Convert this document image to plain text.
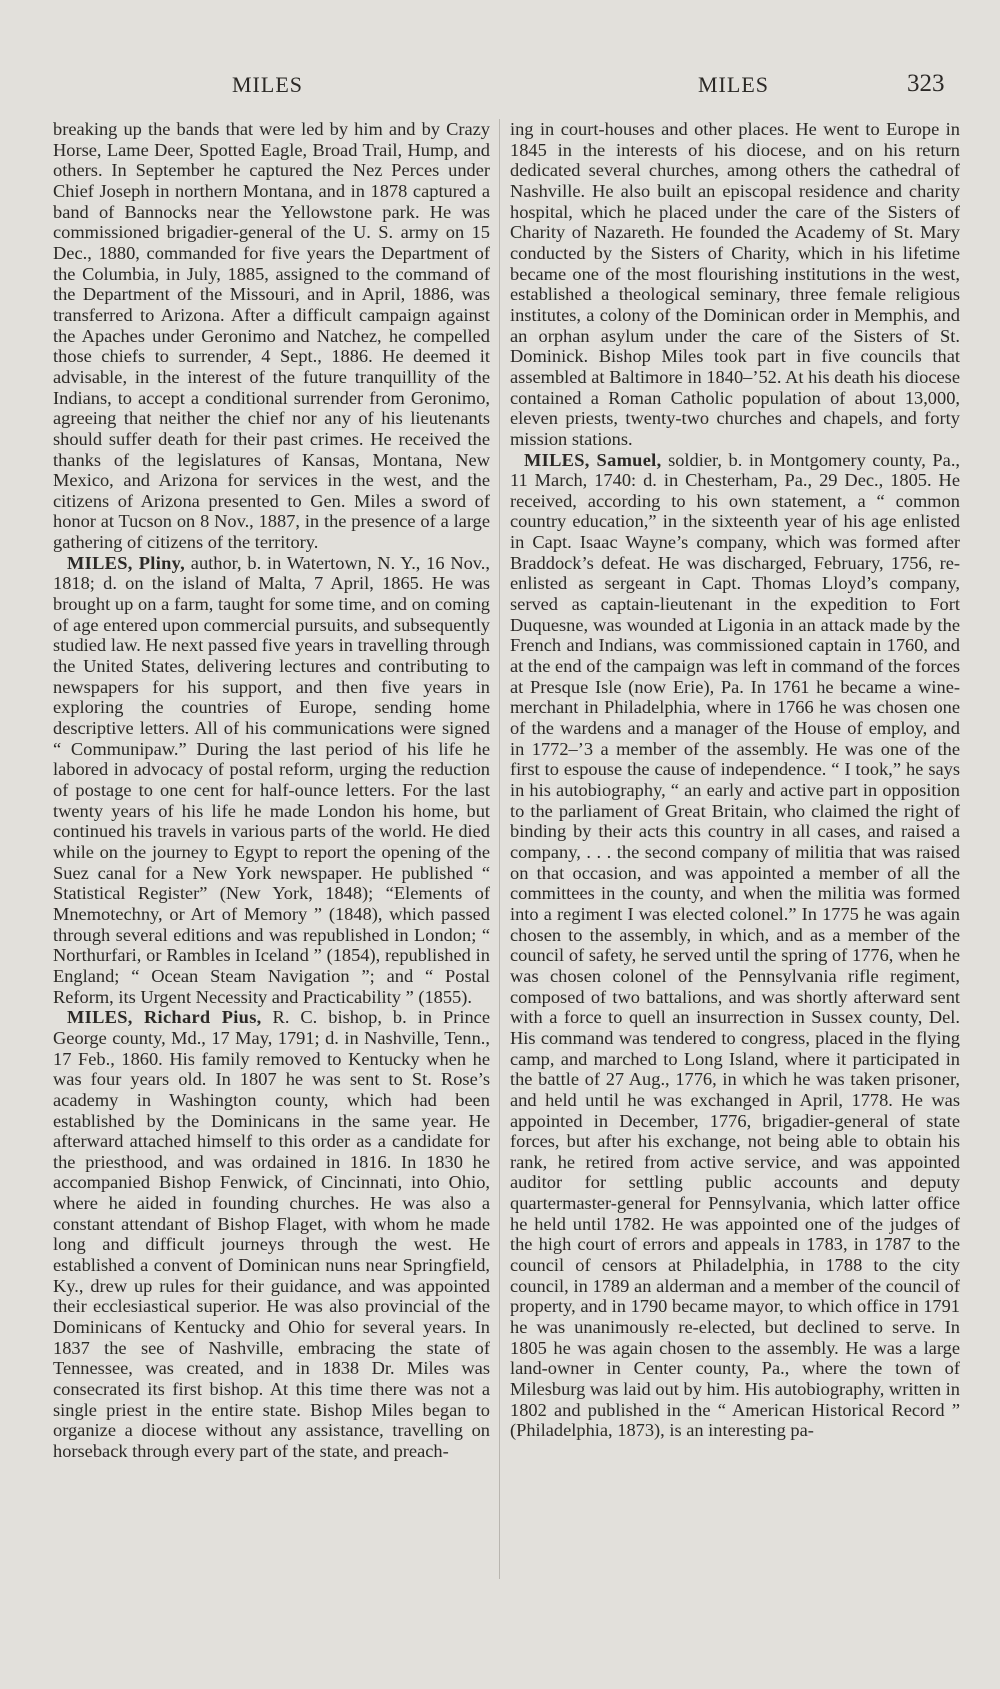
MILES	MILES	323

breaking up the bands that were led by him and by Crazy Horse, Lame Deer, Spotted Eagle, Broad Trail, Hump, and others. In September he captured the Nez Perces under Chief Joseph in northern Montana, and in 1878 captured a band of Bannocks near the Yellowstone park. He was commissioned brigadier-general of the U. S. army on 15 Dec., 1880, commanded for five years the Department of the Columbia, in July, 1885, assigned to the command of the Department of the Missouri, and in April, 1886, was transferred to Arizona. After a difficult campaign against the Apaches under Geronimo and Natchez, he compelled those chiefs to surrender, 4 Sept., 1886. He deemed it advisable, in the interest of the future tranquillity of the Indians, to accept a conditional surrender from Geronimo, agreeing that neither the chief nor any of his lieutenants should suffer death for their past crimes. He received the thanks of the legislatures of Kansas, Montana, New Mexico, and Arizona for services in the west, and the citizens of Arizona presented to Gen. Miles a sword of honor at Tucson on 8 Nov., 1887, in the presence of a large gathering of citizens of the territory.

MILES, Pliny, author, b. in Watertown, N. Y., 16 Nov., 1818; d. on the island of Malta, 7 April, 1865. He was brought up on a farm, taught for some time, and on coming of age entered upon commercial pursuits, and subsequently studied law. He next passed five years in travelling through the United States, delivering lectures and contributing to newspapers for his support, and then five years in exploring the countries of Europe, sending home descriptive letters. All of his communications were signed “ Communipaw.” During the last period of his life he labored in advocacy of postal reform, urging the reduction of postage to one cent for half-ounce letters. For the last twenty years of his life he made London his home, but continued his travels in various parts of the world. He died while on the journey to Egypt to report the opening of the Suez canal for a New York newspaper. He published “ Statistical Register” (New York, 1848); “Elements of Mnemotechny, or Art of Memory ” (1848), which passed through several editions and was republished in London; “ Northurfari, or Rambles in Iceland ” (1854), republished in England; “ Ocean Steam Navigation ”; and “ Postal Reform, its Urgent Necessity and Practicability ” (1855).

MILES, Richard Pius, R. C. bishop, b. in Prince George county, Md., 17 May, 1791; d. in Nashville, Tenn., 17 Feb., 1860. His family removed to Kentucky when he was four years old. In 1807 he was sent to St. Rose’s academy in Washington county, which had been established by the Dominicans in the same year. He afterward attached himself to this order as a candidate for the priesthood, and was ordained in 1816. In 1830 he accompanied Bishop Fenwick, of Cincinnati, into Ohio, where he aided in founding churches. He was also a constant attendant of Bishop Flaget, with whom he made long and difficult journeys through the west. He established a convent of Dominican nuns near Springfield, Ky., drew up rules for their guidance, and was appointed their ecclesiastical superior. He was also provincial of the Dominicans of Kentucky and Ohio for several years. In 1837 the see of Nashville, embracing the state of Tennessee, was created, and in 1838 Dr. Miles was consecrated its first bishop. At this time there was not a single priest in the entire state. Bishop Miles began to organize a diocese without any assistance, travelling on horseback through every part of the state, and preach-

ing in court-houses and other places. He went to Europe in 1845 in the interests of his diocese, and on his return dedicated several churches, among others the cathedral of Nashville. He also built an episcopal residence and charity hospital, which he placed under the care of the Sisters of Charity of Nazareth. He founded the Academy of St. Mary conducted by the Sisters of Charity, which in his lifetime became one of the most flourishing institutions in the west, established a theological seminary, three female religious institutes, a colony of the Dominican order in Memphis, and an orphan asylum under the care of the Sisters of St. Dominick. Bishop Miles took part in five councils that assembled at Baltimore in 1840–’52. At his death his diocese contained a Roman Catholic population of about 13,000, eleven priests, twenty-two churches and chapels, and forty mission stations.

MILES, Samuel, soldier, b. in Montgomery county, Pa., 11 March, 1740: d. in Chesterham, Pa., 29 Dec., 1805. He received, according to his own statement, a “ common country education,” in the sixteenth year of his age enlisted in Capt. Isaac Wayne’s company, which was formed after Braddock’s defeat. He was discharged, February, 1756, re-enlisted as sergeant in Capt. Thomas Lloyd’s company, served as captain-lieutenant in the expedition to Fort Duquesne, was wounded at Ligonia in an attack made by the French and Indians, was commissioned captain in 1760, and at the end of the campaign was left in command of the forces at Presque Isle (now Erie), Pa. In 1761 he became a wine-merchant in Philadelphia, where in 1766 he was chosen one of the wardens and a manager of the House of employ, and in 1772–’3 a member of the assembly. He was one of the first to espouse the cause of independence. “ I took,” he says in his autobiography, “ an early and active part in opposition to the parliament of Great Britain, who claimed the right of binding by their acts this country in all cases, and raised a company, . . . the second company of militia that was raised on that occasion, and was appointed a member of all the committees in the county, and when the militia was formed into a regiment I was elected colonel.” In 1775 he was again chosen to the assembly, in which, and as a member of the council of safety, he served until the spring of 1776, when he was chosen colonel of the Pennsylvania rifle regiment, composed of two battalions, and was shortly afterward sent with a force to quell an insurrection in Sussex county, Del. His command was tendered to congress, placed in the flying camp, and marched to Long Island, where it participated in the battle of 27 Aug., 1776, in which he was taken prisoner, and held until he was exchanged in April, 1778. He was appointed in December, 1776, brigadier-general of state forces, but after his exchange, not being able to obtain his rank, he retired from active service, and was appointed auditor for settling public accounts and deputy quartermaster-general for Pennsylvania, which latter office he held until 1782. He was appointed one of the judges of the high court of errors and appeals in 1783, in 1787 to the council of censors at Philadelphia, in 1788 to the city council, in 1789 an alderman and a member of the council of property, and in 1790 became mayor, to which office in 1791 he was unanimously re-elected, but declined to serve. In 1805 he was again chosen to the assembly. He was a large land-owner in Center county, Pa., where the town of Milesburg was laid out by him. His autobiography, written in 1802 and published in the “ American Historical Record ” (Philadelphia, 1873), is an interesting pa-
